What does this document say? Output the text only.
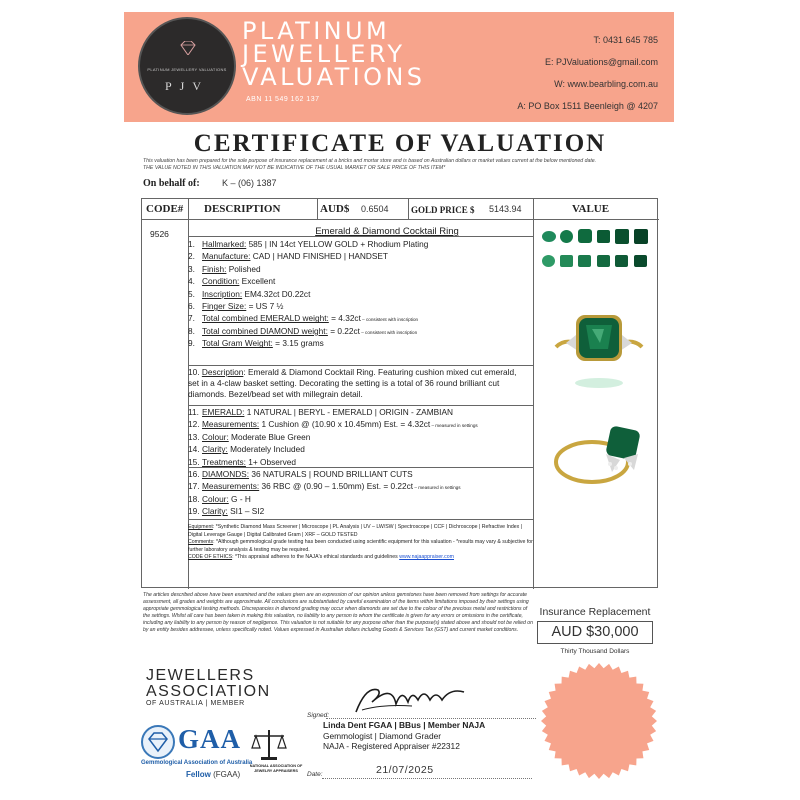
PLATINUM JEWELLERY VALUATIONS
PJV
PLATINUM
JEWELLERY
VALUATIONS
ABN 11 549 162 137
T: 0431 645 785
E: PJValuations@gmail.com
W: www.bearbling.com.au
A: PO Box 1511 Beenleigh @ 4207
CERTIFICATE OF VALUATION
This valuation has been prepared for the sole purpose of insurance replacement at a bricks and mortar store and is based on Australian dollars or market values current at the below mentioned date.
THE VALUE NOTED IN THIS VALUATION MAY NOT BE INDICATIVE OF THE USUAL MARKET OR SALE PRICE OF THIS ITEM*
On behalf of: K – (06) 1387
CODE# DESCRIPTION	AUD$ 0.6504 GOLD PRICE $ 5143.94	VALUE
9526	Emerald & Diamond Cocktail Ring
1. Hallmarked: 585 | IN 14ct YELLOW GOLD + Rhodium Plating
2. Manufacture: CAD | HAND FINISHED | HANDSET
3. Finish: Polished
4. Condition: Excellent
5. Inscription: EM4.32ct D0.22ct
6. Finger Size: = US 7 ½
7. Total combined EMERALD weight: = 4.32ct – consistent with inscription
8. Total combined DIAMOND weight: = 0.22ct – consistent with inscription
9. Total Gram Weight: = 3.15 grams
10. Description: Emerald & Diamond Cocktail Ring. Featuring cushion mixed cut emerald, set in a 4-claw basket setting. Decorating the setting is a total of 36 round brilliant cut diamonds. Bezel/bead set with millegrain detail.
11. EMERALD: 1 NATURAL | BERYL - EMERALD | ORIGIN - ZAMBIAN
12. Measurements: 1 Cushion @ (10.90 x 10.45mm) Est. = 4.32ct – measured in settings
13. Colour: Moderate Blue Green
14. Clarity: Moderately Included
15. Treatments: 1+ Observed
16. DIAMONDS: 36 NATURALS | ROUND BRILLIANT CUTS
17. Measurements: 36 RBC @ (0.90 – 1.50mm) Est. = 0.22ct – measured in settings
18. Colour: G - H
19. Clarity: SI1 – SI2
Equipment: *Synthetic Diamond Mass Screener | Microscope | PL Analysis | UV – LW/SW | Spectroscope | CCF | Dichroscope | Refractive Index | Digital Leverage Gauge | Digital Calibrated Gram | XRF – GOLD TESTED
Comments: *Although gemmological grade testing has been conducted using scientific equipment for this valuation - *results may vary & subjective for further laboratory analysis & testing may be required.
CODE OF ETHICS: *This appraisal adheres to the NAJA's ethical standards and guidelines www.najaappraiser.com
The articles described above have been examined and the values given are an expression of our opinion unless gemstones have been removed from settings for accurate assessment, all grades and weights are approximate. All conclusions are substantiated by careful examination of the items within limitations imposed by their settings using appropriate gemmological testing methods. Discrepancies in diamond grading may occur when diamonds are set due to the colour of the precious metal and restrictions of the settings. Whilst all care has been taken in making this valuation, no liability to any person to whom the certificate is given for any errors or omissions in the certificate, including any liability to any person by reason of negligence. This valuation is not suitable for any purpose other than the purpose(s) stated above and should not be relied on by an entity besides addressee, unless specifically noted. Values expressed in Australian dollars including Goods & Services Tax (GST) and current market conditions.
Insurance Replacement
AUD $30,000
Thirty Thousand Dollars
JEWELLERS
ASSOCIATION
OF AUSTRALIA | MEMBER
GAA
Gemmological Association of Australia
Fellow (FGAA)
NATIONAL ASSOCIATION OF JEWELRY APPRAISERS
Signed:
Linda Dent FGAA | BBus | Member NAJA
Gemmologist | Diamond Grader
NAJA - Registered Appraiser #22312
Date:	21/07/2025
